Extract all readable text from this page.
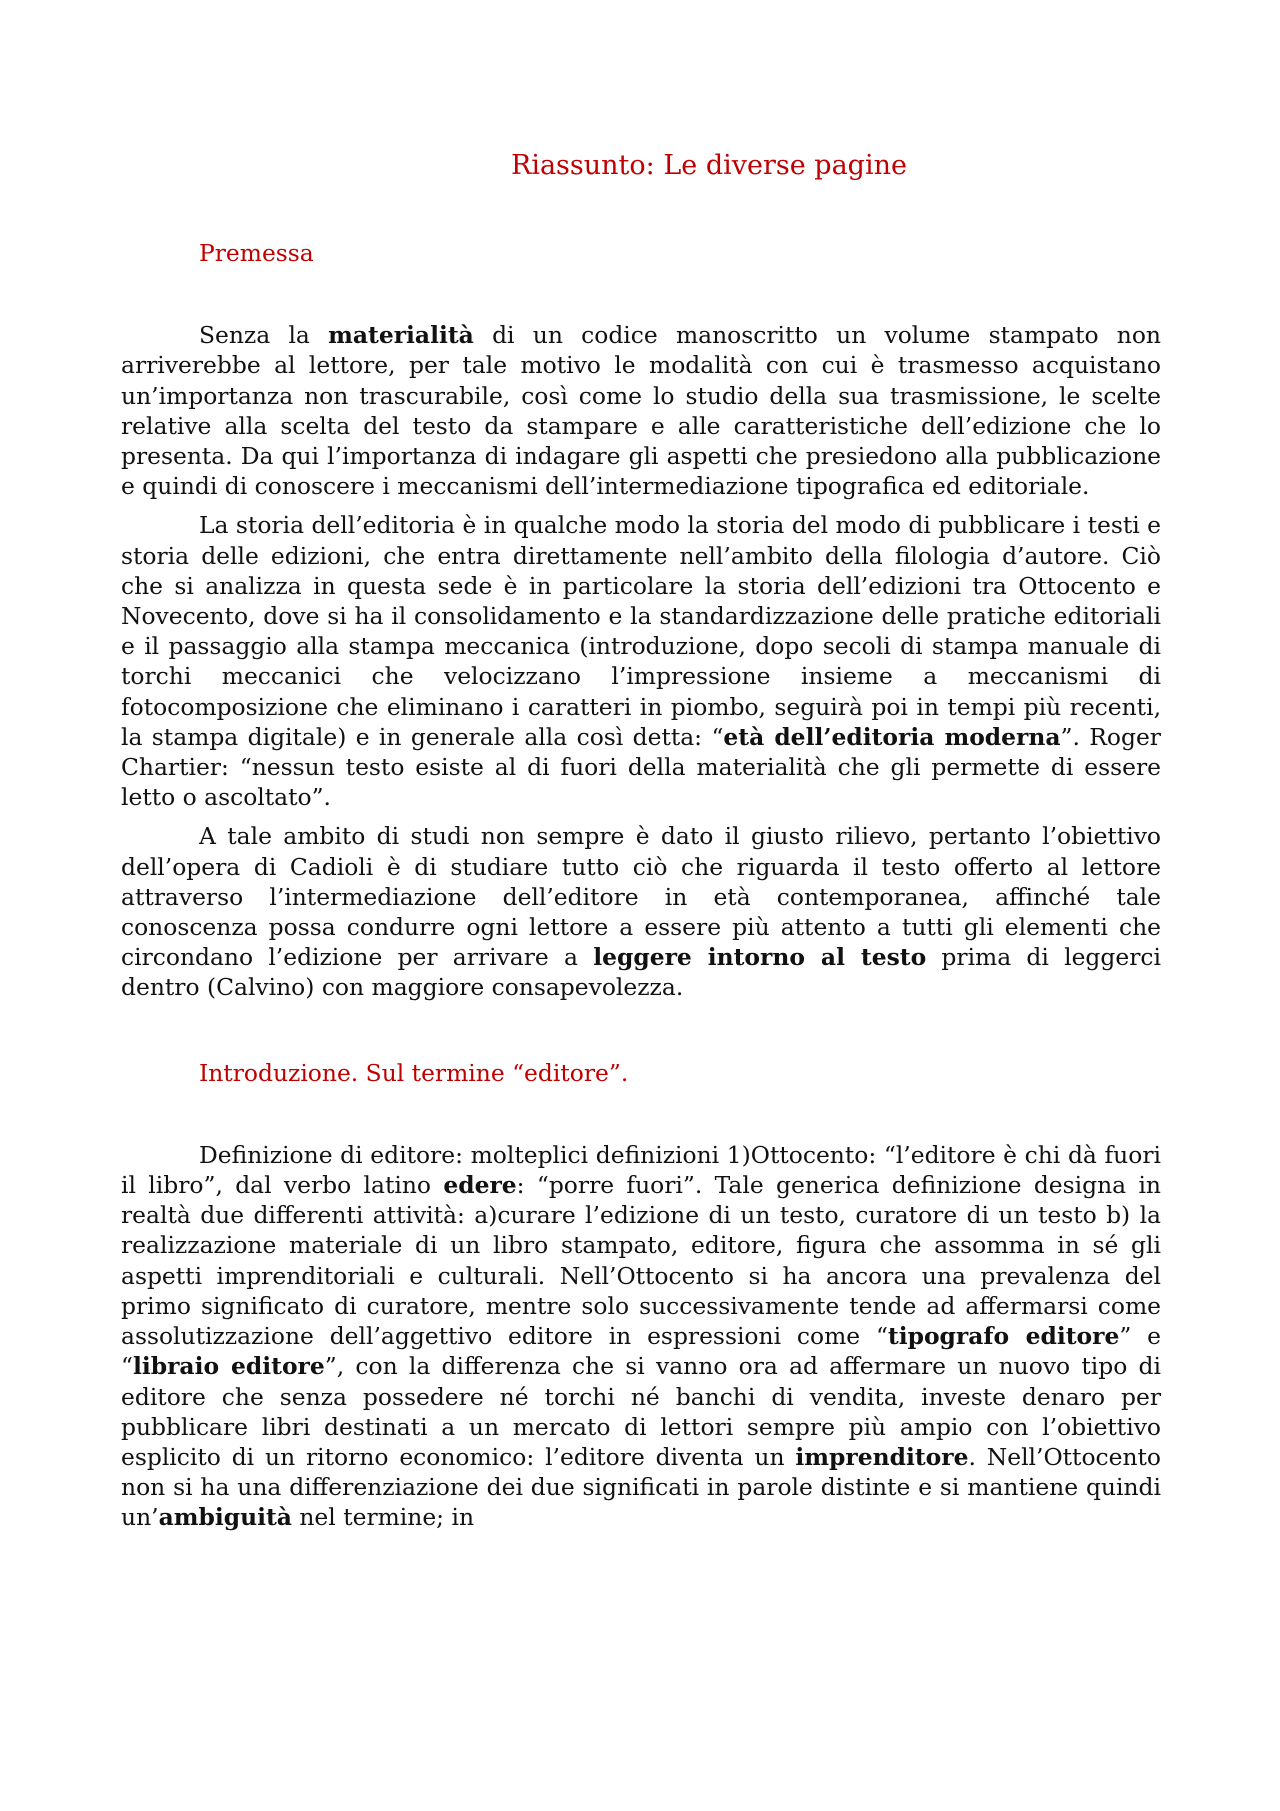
Riassunto: Le diverse pagine
Premessa

Senza la materialità di un codice manoscritto un volume stampato non arriverebbe al lettore, per tale motivo le modalità con cui è trasmesso acquistano un’importanza non trascurabile, così come lo studio della sua trasmissione, le scelte relative alla scelta del testo da stampare e alle caratteristiche dell’edizione che lo presenta. Da qui l’importanza di indagare gli aspetti che presiedono alla pubblicazione e quindi di conoscere i meccanismi dell’intermediazione tipografica ed editoriale.

La storia dell’editoria è in qualche modo la storia del modo di pubblicare i testi e storia delle edizioni, che entra direttamente nell’ambito della filologia d’autore. Ciò che si analizza in questa sede è in particolare la storia dell’edizioni tra Ottocento e Novecento, dove si ha il consolidamento e la standardizzazione delle pratiche editoriali e il passaggio alla stampa meccanica (introduzione, dopo secoli di stampa manuale di torchi meccanici che velocizzano l’impressione insieme a meccanismi di fotocomposizione che eliminano i caratteri in piombo, seguirà poi in tempi più recenti, la stampa digitale) e in generale alla così detta: “età dell’editoria moderna”. Roger Chartier: “nessun testo esiste al di fuori della materialità che gli permette di essere letto o ascoltato”.

A tale ambito di studi non sempre è dato il giusto rilievo, pertanto l’obiettivo dell’opera di Cadioli è di studiare tutto ciò che riguarda il testo offerto al lettore attraverso l’intermediazione dell’editore in età contemporanea, affinché tale conoscenza possa condurre ogni lettore a essere più attento a tutti gli elementi che circondano l’edizione per arrivare a leggere intorno al testo prima di leggerci dentro (Calvino) con maggiore consapevolezza.

Introduzione. Sul termine “editore”.

Definizione di editore: molteplici definizioni 1)Ottocento: “l’editore è chi dà fuori il libro”, dal verbo latino edere: “porre fuori”. Tale generica definizione designa in realtà due differenti attività: a)curare l’edizione di un testo, curatore di un testo b) la realizzazione materiale di un libro stampato, editore, figura che assomma in sé gli aspetti imprenditoriali e culturali. Nell’Ottocento si ha ancora una prevalenza del primo significato di curatore, mentre solo successivamente tende ad affermarsi come assolutizzazione dell’aggettivo editore in espressioni come “tipografo editore” e “libraio editore”, con la differenza che si vanno ora ad affermare un nuovo tipo di editore che senza possedere né torchi né banchi di vendita, investe denaro per pubblicare libri destinati a un mercato di lettori sempre più ampio con l’obiettivo esplicito di un ritorno economico: l’editore diventa un imprenditore. Nell’Ottocento non si ha una differenziazione dei due significati in parole distinte e si mantiene quindi un’ambiguità nel termine; in
